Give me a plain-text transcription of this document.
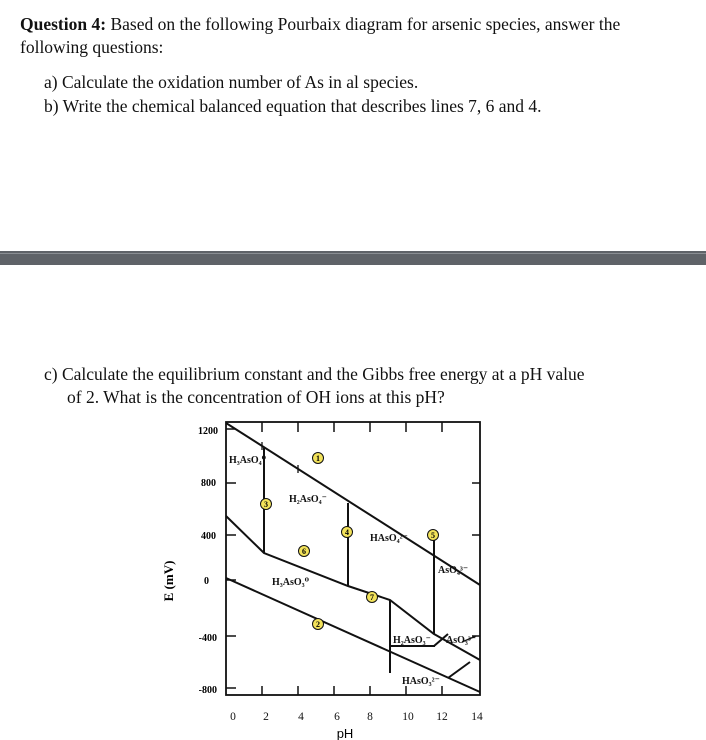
Question 4: Based on the following Pourbaix diagram for arsenic species, answer the following questions:
a) Calculate the oxidation number of As in al species.
b) Write the chemical balanced equation that describes lines 7, 6 and 4.
c) Calculate the equilibrium constant and the Gibbs free energy at a pH value
of 2. What is the concentration of OH ions at this pH?
E (mV)
1200
800
400
0
-400
-800
H₃AsO₄⁰
H₂AsO₄⁻
HAsO₄²⁻
AsO₄³⁻
H₃AsO₃⁰
H₂AsO₃⁻ AsO₃³⁻
HAsO₃²⁻
1
2
3
4	5
6
7
0 2	4	6 8	10 12 14
pH
